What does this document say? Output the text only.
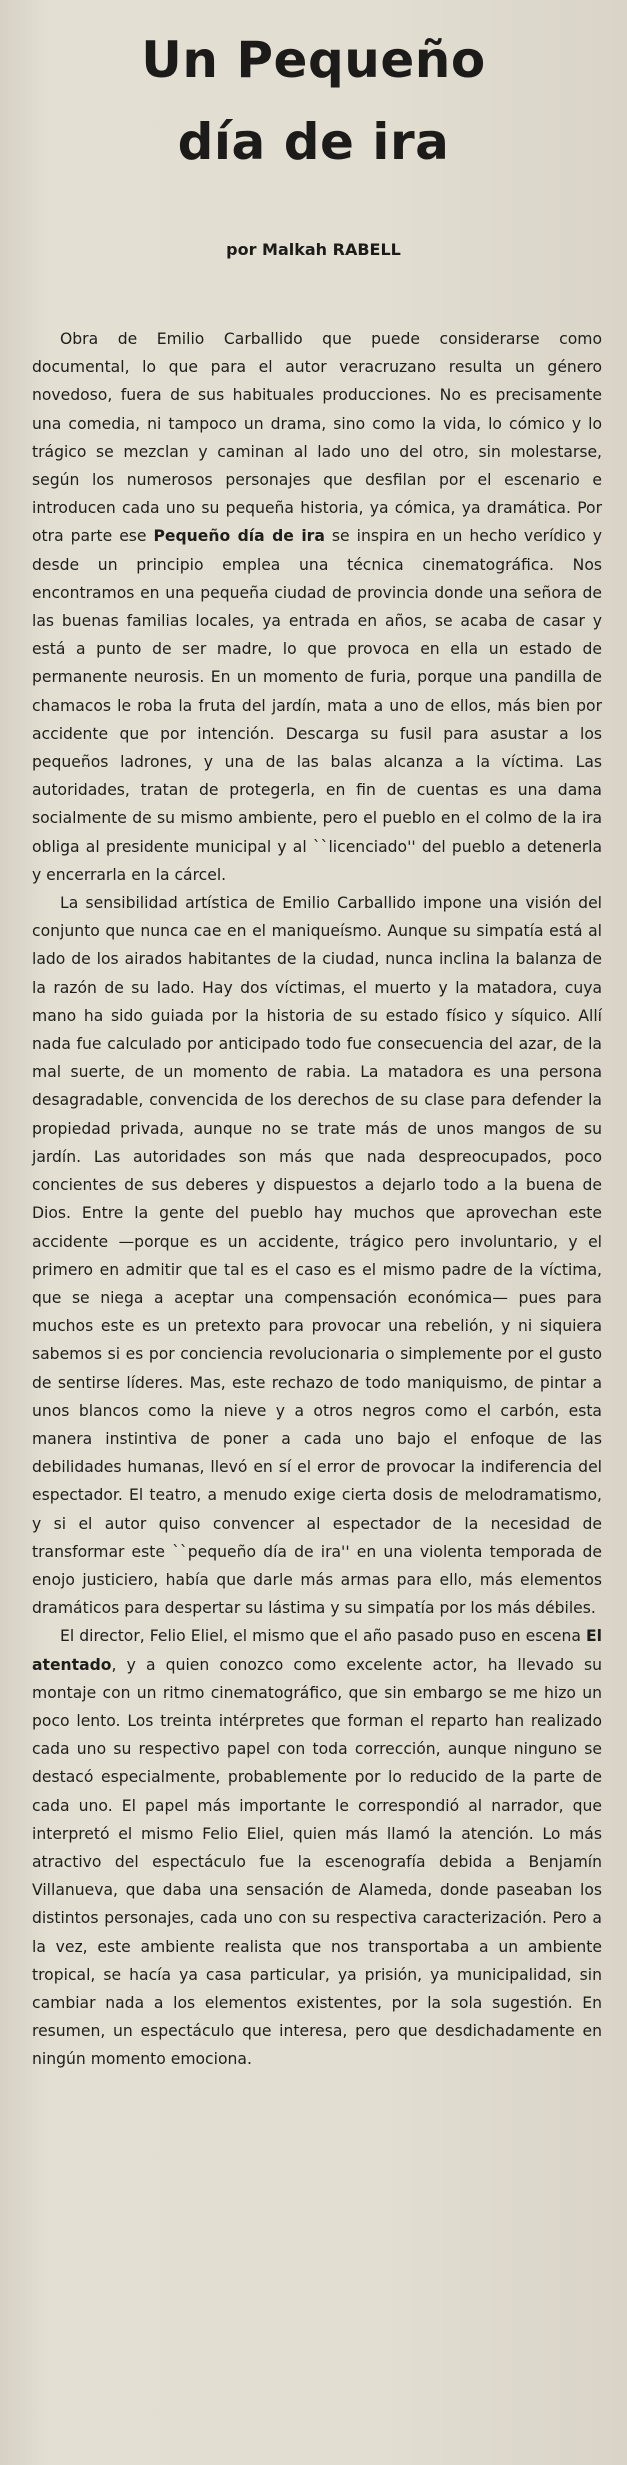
Un Pequeño
día de ira
por Malkah RABELL

Obra de Emilio Carballido que puede considerarse como documental, lo que para el autor veracruzano resulta un género novedoso, fuera de sus habituales producciones. No es precisamente una comedia, ni tampoco un drama, sino como la vida, lo cómico y lo trágico se mezclan y caminan al lado uno del otro, sin molestarse, según los numerosos personajes que desfilan por el escenario e introducen cada uno su pequeña historia, ya cómica, ya dramática. Por otra parte ese Pequeño día de ira se inspira en un hecho verídico y desde un principio emplea una técnica cinematográfica. Nos encontramos en una pequeña ciudad de provincia donde una señora de las buenas familias locales, ya entrada en años, se acaba de casar y está a punto de ser madre, lo que provoca en ella un estado de permanente neurosis. En un momento de furia, porque una pandilla de chamacos le roba la fruta del jardín, mata a uno de ellos, más bien por accidente que por intención. Descarga su fusil para asustar a los pequeños ladrones, y una de las balas alcanza a la víctima. Las autoridades, tratan de protegerla, en fin de cuentas es una dama socialmente de su mismo ambiente, pero el pueblo en el colmo de la ira obliga al presidente municipal y al ``licenciado'' del pueblo a detenerla y encerrarla en la cárcel.

La sensibilidad artística de Emilio Carballido impone una visión del conjunto que nunca cae en el maniqueísmo. Aunque su simpatía está al lado de los airados habitantes de la ciudad, nunca inclina la balanza de la razón de su lado. Hay dos víctimas, el muerto y la matadora, cuya mano ha sido guiada por la historia de su estado físico y síquico. Allí nada fue calculado por anticipado todo fue consecuencia del azar, de la mal suerte, de un momento de rabia. La matadora es una persona desagradable, convencida de los derechos de su clase para defender la propiedad privada, aunque no se trate más de unos mangos de su jardín. Las autoridades son más que nada despreocupados, poco concientes de sus deberes y dispuestos a dejarlo todo a la buena de Dios. Entre la gente del pueblo hay muchos que aprovechan este accidente —porque es un accidente, trágico pero involuntario, y el primero en admitir que tal es el caso es el mismo padre de la víctima, que se niega a aceptar una compensación económica— pues para muchos este es un pretexto para provocar una rebelión, y ni siquiera sabemos si es por conciencia revolucionaria o simplemente por el gusto de sentirse líderes. Mas, este rechazo de todo maniquismo, de pintar a unos blancos como la nieve y a otros negros como el carbón, esta manera instintiva de poner a cada uno bajo el enfoque de las debilidades humanas, llevó en sí el error de provocar la indiferencia del espectador. El teatro, a menudo exige cierta dosis de melodramatismo, y si el autor quiso convencer al espectador de la necesidad de transformar este ``pequeño día de ira'' en una violenta temporada de enojo justiciero, había que darle más armas para ello, más elementos dramáticos para despertar su lástima y su simpatía por los más débiles.

El director, Felio Eliel, el mismo que el año pasado puso en escena El atentado, y a quien conozco como excelente actor, ha llevado su montaje con un ritmo cinematográfico, que sin embargo se me hizo un poco lento. Los treinta intérpretes que forman el reparto han realizado cada uno su respectivo papel con toda corrección, aunque ninguno se destacó especialmente, probablemente por lo reducido de la parte de cada uno. El papel más importante le correspondió al narrador, que interpretó el mismo Felio Eliel, quien más llamó la atención. Lo más atractivo del espectáculo fue la escenografía debida a Benjamín Villanueva, que daba una sensación de Alameda, donde paseaban los distintos personajes, cada uno con su respectiva caracterización. Pero a la vez, este ambiente realista que nos transportaba a un ambiente tropical, se hacía ya casa particular, ya prisión, ya municipalidad, sin cambiar nada a los elementos existentes, por la sola sugestión. En resumen, un espectáculo que interesa, pero que desdichadamente en ningún momento emociona.
